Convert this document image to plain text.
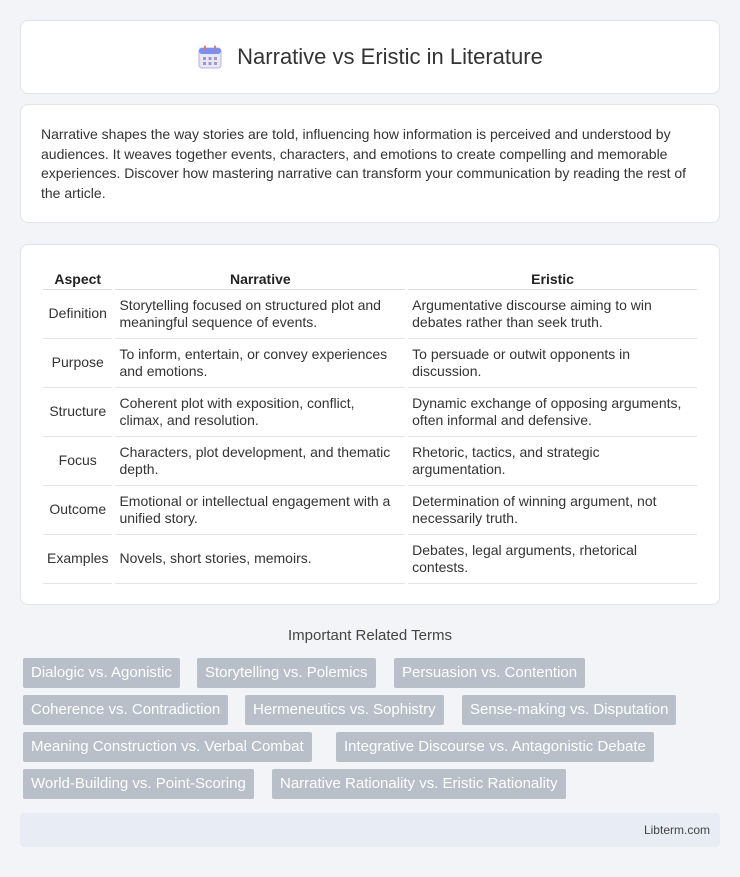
Narrative vs Eristic in Literature

Narrative shapes the way stories are told, influencing how information is perceived and understood by audiences. It weaves together events, characters, and emotions to create compelling and memorable experiences. Discover how mastering narrative can transform your communication by reading the rest of the article.

Aspect	Narrative	Eristic
Definition	Storytelling focused on structured plot and meaningful sequence of events.	Argumentative discourse aiming to win debates rather than seek truth.
Purpose	To inform, entertain, or convey experiences and emotions.	To persuade or outwit opponents in discussion.
Structure	Coherent plot with exposition, conflict, climax, and resolution.	Dynamic exchange of opposing arguments, often informal and defensive.
Focus	Characters, plot development, and thematic depth.	Rhetoric, tactics, and strategic argumentation.
Outcome	Emotional or intellectual engagement with a unified story.	Determination of winning argument, not necessarily truth.
Examples	Novels, short stories, memoirs.	Debates, legal arguments, rhetorical contests.
Important Related Terms
Dialogic vs. Agonistic	Storytelling vs. Polemics	Persuasion vs. Contention
Coherence vs. Contradiction	Hermeneutics vs. Sophistry	Sense-making vs. Disputation
Meaning Construction vs. Verbal Combat	Integrative Discourse vs. Antagonistic Debate
World-Building vs. Point-Scoring	Narrative Rationality vs. Eristic Rationality
Libterm.com
